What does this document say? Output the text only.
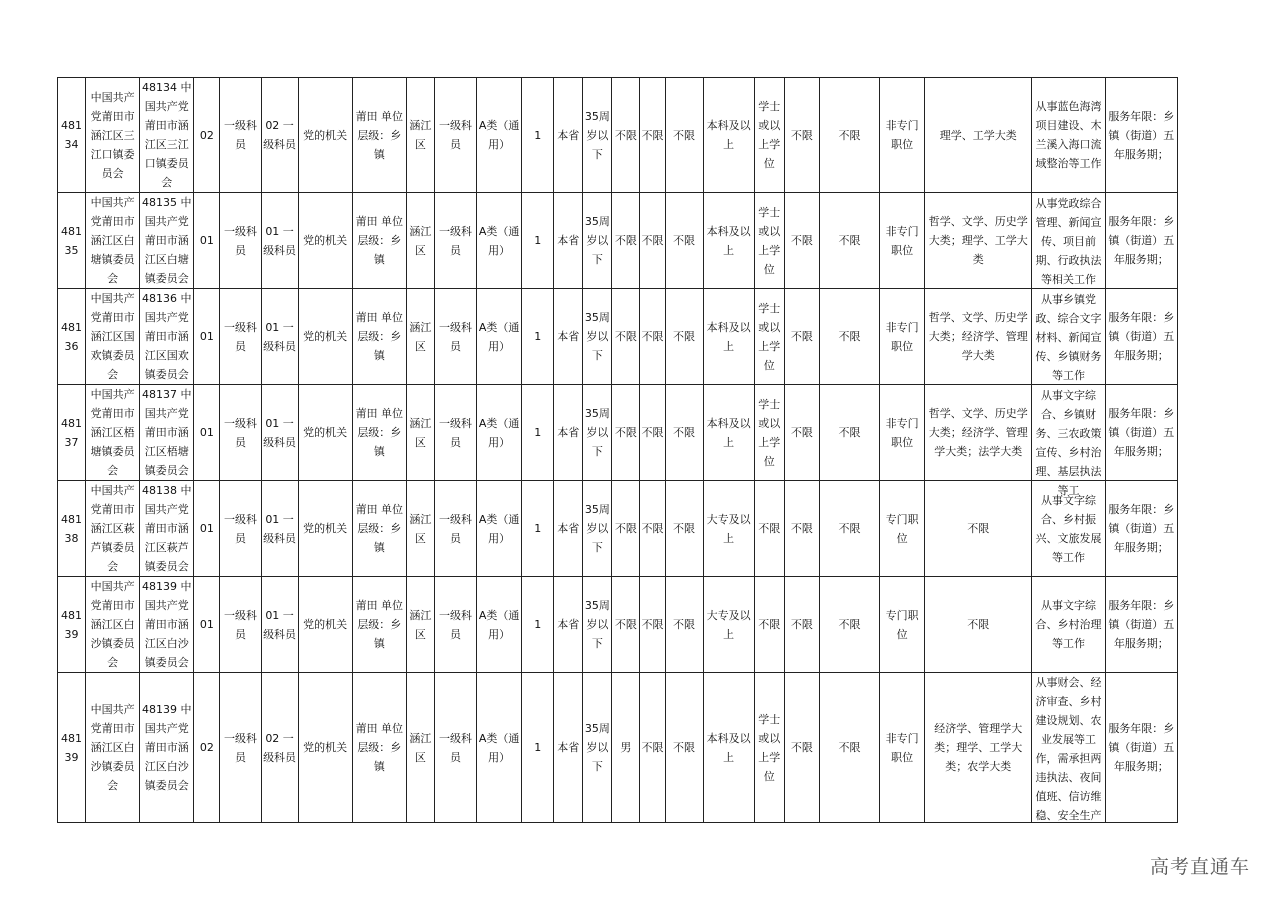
48134	中国共产党莆田市涵江区三江口镇委员会	48134 中国共产党莆田市涵江区三江口镇委员会	02	一级科员	02 一级科员	党的机关	莆田 单位层级：乡镇	涵江区	一级科员	A类（通用）	1	本省	35周岁以下	不限	不限	不限	本科及以上	学士或以上学位	不限	不限	非专门职位	理学、工学大类	从事蓝色海湾项目建设、木兰溪入海口流域整治等工作	服务年限：乡镇（街道）五年服务期；

48135	中国共产党莆田市涵江区白塘镇委员会	48135 中国共产党莆田市涵江区白塘镇委员会	01	一级科员	01 一级科员	党的机关	莆田 单位层级：乡镇	涵江区	一级科员	A类（通用）	1	本省	35周岁以下	不限	不限	不限	本科及以上	学士或以上学位	不限	不限	非专门职位	哲学、文学、历史学大类；理学、工学大类	从事党政综合管理、新闻宣传、项目前期、行政执法等相关工作	服务年限：乡镇（街道）五年服务期；

48136	中国共产党莆田市涵江区国欢镇委员会	48136 中国共产党莆田市涵江区国欢镇委员会	01	一级科员	01 一级科员	党的机关	莆田 单位层级：乡镇	涵江区	一级科员	A类（通用）	1	本省	35周岁以下	不限	不限	不限	本科及以上	学士或以上学位	不限	不限	非专门职位	哲学、文学、历史学大类；经济学、管理学大类	从事乡镇党政、综合文字材料、新闻宣传、乡镇财务等工作	服务年限：乡镇（街道）五年服务期；

48137	中国共产党莆田市涵江区梧塘镇委员会	48137 中国共产党莆田市涵江区梧塘镇委员会	01	一级科员	01 一级科员	党的机关	莆田 单位层级：乡镇	涵江区	一级科员	A类（通用）	1	本省	35周岁以下	不限	不限	不限	本科及以上	学士或以上学位	不限	不限	非专门职位	哲学、文学、历史学大类；经济学、管理学大类；法学大类	从事文字综合、乡镇财务、三农政策宣传、乡村治理、基层执法等工	服务年限：乡镇（街道）五年服务期；

48138	中国共产党莆田市涵江区萩芦镇委员会	48138 中国共产党莆田市涵江区萩芦镇委员会	01	一级科员	01 一级科员	党的机关	莆田 单位层级：乡镇	涵江区	一级科员	A类（通用）	1	本省	35周岁以下	不限	不限	不限	大专及以上	不限	不限	不限	专门职位	不限	从事文字综合、乡村振兴、文旅发展等工作	服务年限：乡镇（街道）五年服务期；

48139	中国共产党莆田市涵江区白沙镇委员会	48139 中国共产党莆田市涵江区白沙镇委员会	01	一级科员	01 一级科员	党的机关	莆田 单位层级：乡镇	涵江区	一级科员	A类（通用）	1	本省	35周岁以下	不限	不限	不限	大专及以上	不限	不限	不限	专门职位	不限	从事文字综合、乡村治理等工作	服务年限：乡镇（街道）五年服务期；

48139	中国共产党莆田市涵江区白沙镇委员会	48139 中国共产党莆田市涵江区白沙镇委员会	02	一级科员	02 一级科员	党的机关	莆田 单位层级：乡镇	涵江区	一级科员	A类（通用）	1	本省	35周岁以下	男	不限	不限	本科及以上	学士或以上学位	不限	不限	非专门职位	经济学、管理学大类；理学、工学大类；农学大类	从事财会、经济审查、乡村建设规划、农业发展等工作，需承担两违执法、夜间值班、信访维稳、安全生产	服务年限：乡镇（街道）五年服务期；
高考直通车
